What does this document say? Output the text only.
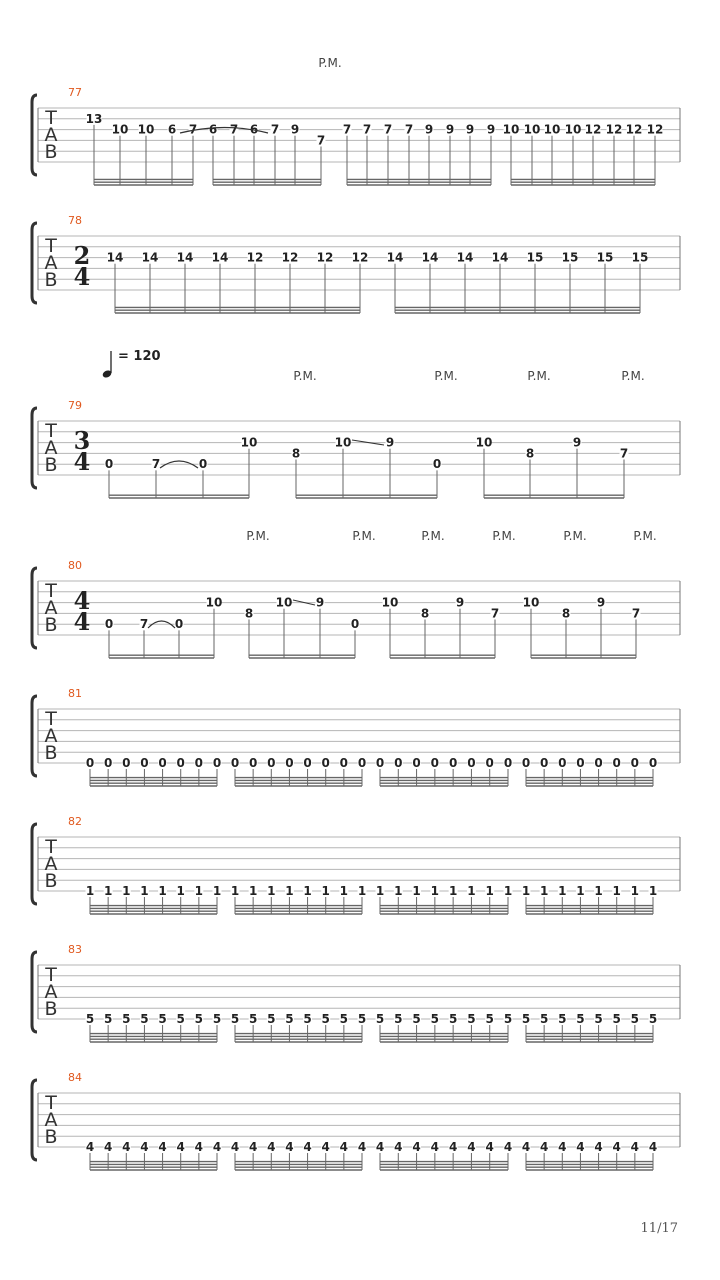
77
T
A
B
P.M.
13
10 10 6 7 6 7 6 7 9
7
7 7 7 7 9 9 9 9 10 10 10 10 12 12 12 12
78
T
A
B
2
4
14 14 14 14 12 12 12 12 14 14 14 14 15 15 15 15
79
T
A
B
3
4
= 120
P.M.	P.M.	P.M.	P.M.
0	7	0
10
8
10	9
0
10
8
9
7
80
T
A
B
4
4
P.M.	P.M.	P.M.	P.M.	P.M.	P.M.
0 7 0
10
8
10 9
0
10
8
9
7
10
8
9
7
81
T
A
B 0 0 0 0 0 0 0 0 0 0 0 0 0 0 0 0 0 0 0 0 0 0 0 0 0 0 0 0 0 0 0 0
82
T
A
B 1 1 1 1 1 1 1 1 1 1 1 1 1 1 1 1 1 1 1 1 1 1 1 1 1 1 1 1 1 1 1 1
83
T
A
B 5 5 5 5 5 5 5 5 5 5 5 5 5 5 5 5 5 5 5 5 5 5 5 5 5 5 5 5 5 5 5 5
84
T
A
B 4 4 4 4 4 4 4 4 4 4 4 4 4 4 4 4 4 4 4 4 4 4 4 4 4 4 4 4 4 4 4 4
11/17
